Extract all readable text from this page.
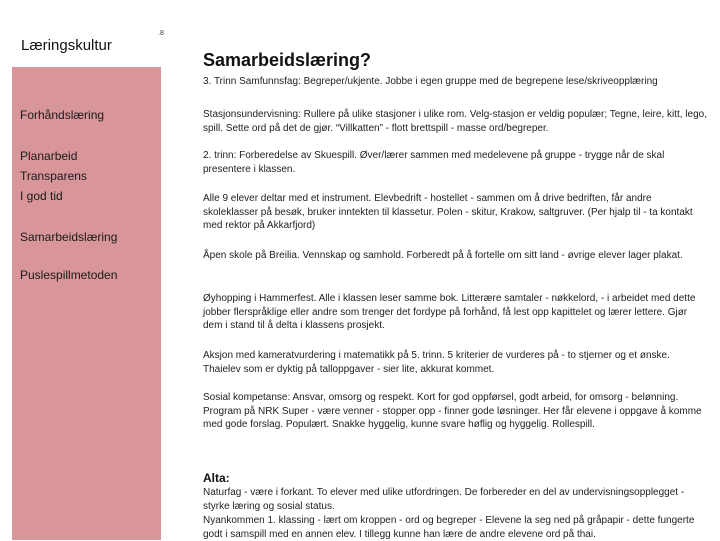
Læringskultur
.8
Forhåndslæring
Planarbeid
Transparens
I god tid
Samarbeidslæring
Puslespillmetoden
Samarbeidslæring?

3. Trinn Samfunnsfag: Begreper/ukjente. Jobbe i egen gruppe med de begrepene lese/skriveopplæring

Stasjonsundervisning: Rullere på ulike stasjoner i ulike rom. Velg-stasjon er veldig populær; Tegne, leire, kitt, lego, spill. Sette ord på det de gjør. “Villkatten” - flott brettspill - masse ord/begreper.

2. trinn: Forberedelse av Skuespill. Øver/lærer sammen med medelevene på gruppe - trygge når de skal presentere i klassen.

Alle 9 elever deltar med et instrument. Elevbedrift - hostellet - sammen om å drive bedriften, får andre skoleklasser på besøk, bruker inntekten til klassetur. Polen - skitur, Krakow, saltgruver. (Per hjalp til - ta kontakt med rektor på Akkarfjord)

Åpen skole på Breilia. Vennskap og samhold. Forberedt på å fortelle om sitt land - øvrige elever lager plakat.

Øyhopping i Hammerfest. Alle i klassen leser samme bok. Litterære samtaler - nøkkelord, - i arbeidet med dette jobber flerspråklige eller andre som trenger det fordype på forhånd, få lest opp kapittelet og lærer lettere. Gjør dem i stand til å delta i klassens prosjekt.

Aksjon med kameratvurdering i matematikk på 5. trinn. 5 kriterier de vurderes på - to stjerner og et ønske. Thaielev som er dyktig på talloppgaver - sier lite, akkurat kommet.

Sosial kompetanse: Ansvar, omsorg og respekt. Kort for god oppførsel, godt arbeid, for omsorg - belønning. Program på NRK Super - være venner - stopper opp - finner gode løsninger. Her får elevene i oppgave å komme med gode forslag. Populært. Snakke hyggelig, kunne svare høflig og hyggelig. Rollespill.

Alta:

Naturfag - være i forkant. To elever med ulike utfordringen. De forbereder en del av undervisningsopplegget - styrke læring og sosial status.

Nyankommen 1. klassing - lært om kroppen - ord og begreper - Elevene la seg ned på gråpapir - dette fungerte godt i samspill med en annen elev. I tillegg kunne han lære de andre elevene ord på thai.
